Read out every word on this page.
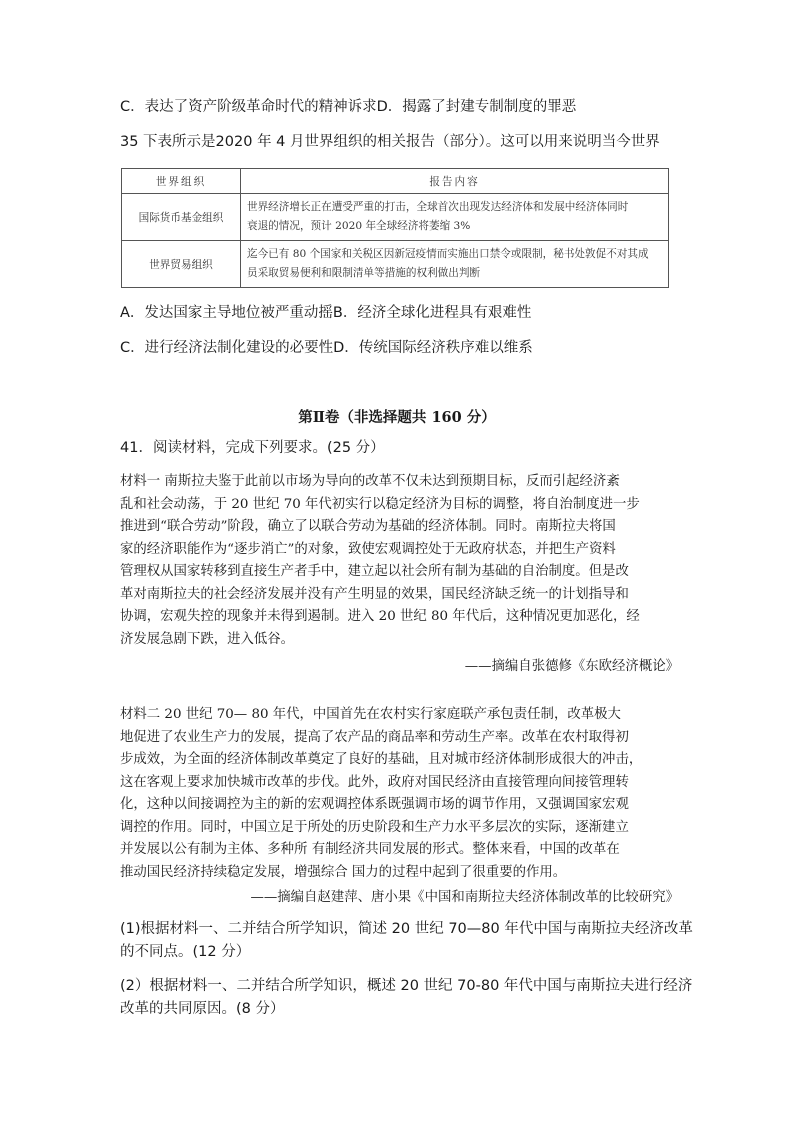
C．表达了资产阶级革命时代的精神诉求D．揭露了封建专制制度的罪恶
35 下表所示是2020 年 4 月世界组织的相关报告（部分）。这可以用来说明当今世界
世界组织	报告内容
国际货币基金组织	世界经济增长正在遭受严重的打击，全球首次出现发达经济体和发展中经济体同时
衰退的情况，预计 2020 年全球经济将萎缩 3%
世界贸易组织	迄今已有 80 个国家和关税区因新冠疫情而实施出口禁令或限制，秘书处敦促不对其成
员采取贸易便利和限制清单等措施的权利做出判断
A．发达国家主导地位被严重动摇B．经济全球化进程具有艰难性
C．进行经济法制化建设的必要性D．传统国际经济秩序难以维系
第Ⅱ卷（非选择题共 160 分）
41．阅读材料，完成下列要求。(25 分）

材料一 南斯拉夫鉴于此前以市场为导向的改革不仅未达到预期目标，反而引起经济紊

乱和社会动荡，于 20 世纪 70 年代初实行以稳定经济为目标的调整，将自治制度进一步

推进到“联合劳动”阶段，确立了以联合劳动为基础的经济体制。同时。南斯拉夫将国

家的经济职能作为“逐步消亡”的对象，致使宏观调控处于无政府状态，并把生产资料

管理权从国家转移到直接生产者手中，建立起以社会所有制为基础的自治制度。但是改

革对南斯拉夫的社会经济发展并没有产生明显的效果，国民经济缺乏统一的计划指导和

协调，宏观失控的现象并未得到遏制。进入 20 世纪 80 年代后，这种情况更加恶化，经

济发展急剧下跌，进入低谷。

——摘编自张德修《东欧经济概论》

材料二 20 世纪 70— 80 年代，中国首先在农村实行家庭联产承包责任制，改革极大

地促进了农业生产力的发展，提高了农产品的商品率和劳动生产率。改革在农村取得初

步成效，为全面的经济体制改革奠定了良好的基础，且对城市经济体制形成很大的冲击，

这在客观上要求加快城市改革的步伐。此外，政府对国民经济由直接管理向间接管理转

化，这种以间接调控为主的新的宏观调控体系既强调市场的调节作用，又强调国家宏观

调控的作用。同时，中国立足于所处的历史阶段和生产力水平多层次的实际，逐渐建立

并发展以公有制为主体、多种所 有制经济共同发展的形式。整体来看，中国的改革在

推动国民经济持续稳定发展，增强综合 国力的过程中起到了很重要的作用。

——摘编自赵建萍、唐小果《中国和南斯拉夫经济体制改革的比较研究》

(1)根据材料一、二并结合所学知识，简述 20 世纪 70—80 年代中国与南斯拉夫经济改革

的不同点。(12 分）

(2）根据材料一、二并结合所学知识，概述 20 世纪 70-80 年代中国与南斯拉夫进行经济

改革的共同原因。(8 分）
